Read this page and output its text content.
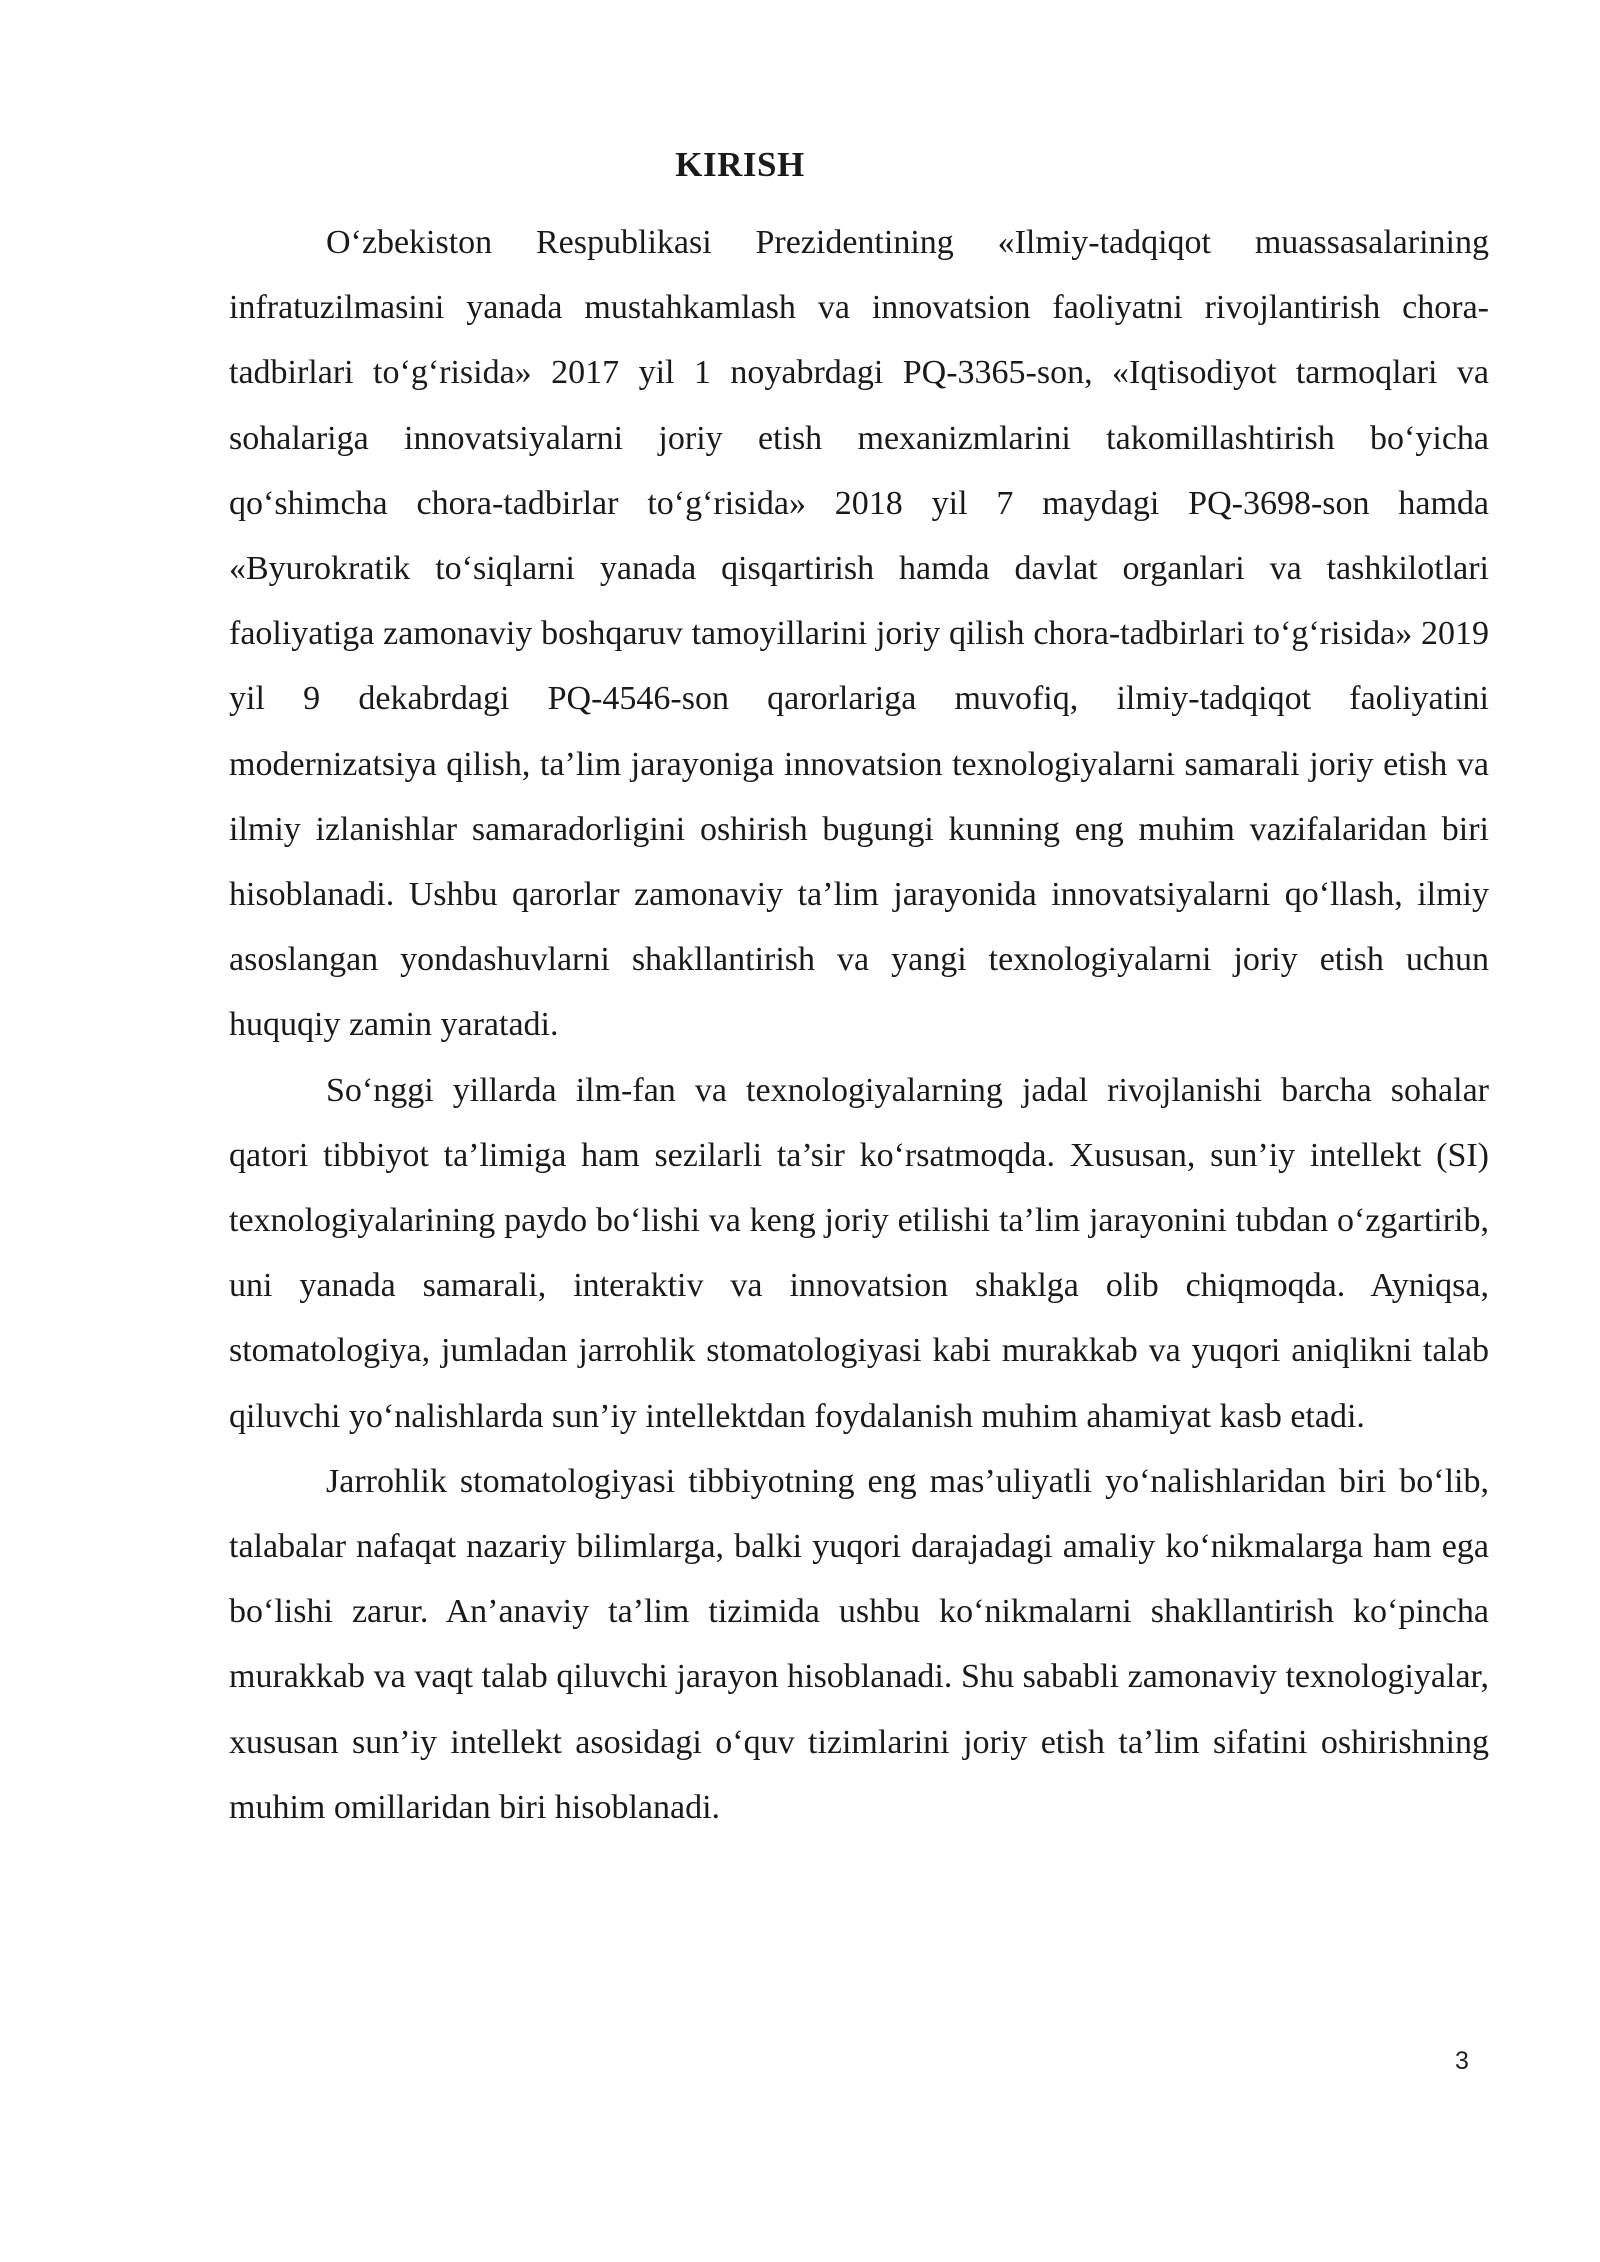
KIRISH

O‘zbekiston Respublikasi Prezidentining «Ilmiy-tadqiqot muassasalarining infratuzilmasini yanada mustahkamlash va innovatsion faoliyatni rivojlantirish chora-tadbirlari to‘g‘risida» 2017 yil 1 noyabrdagi PQ-3365-son, «Iqtisodiyot tarmoqlari va sohalariga innovatsiyalarni joriy etish mexanizmlarini takomillashtirish bo‘yicha qo‘shimcha chora-tadbirlar to‘g‘risida» 2018 yil 7 maydagi PQ-3698-son hamda «Byurokratik to‘siqlarni yanada qisqartirish hamda davlat organlari va tashkilotlari faoliyatiga zamonaviy boshqaruv tamoyillarini joriy qilish chora-tadbirlari to‘g‘risida» 2019 yil 9 dekabrdagi PQ-4546-son qarorlariga muvofiq, ilmiy-tadqiqot faoliyatini modernizatsiya qilish, ta’lim jarayoniga innovatsion texnologiyalarni samarali joriy etish va ilmiy izlanishlar samaradorligini oshirish bugungi kunning eng muhim vazifalaridan biri hisoblanadi. Ushbu qarorlar zamonaviy ta’lim jarayonida innovatsiyalarni qo‘llash, ilmiy asoslangan yondashuvlarni shakllantirish va yangi texnologiyalarni joriy etish uchun huquqiy zamin yaratadi.

So‘nggi yillarda ilm-fan va texnologiyalarning jadal rivojlanishi barcha sohalar qatori tibbiyot ta’limiga ham sezilarli ta’sir ko‘rsatmoqda. Xususan, sun’iy intellekt (SI) texnologiyalarining paydo bo‘lishi va keng joriy etilishi ta’lim jarayonini tubdan o‘zgartirib, uni yanada samarali, interaktiv va innovatsion shaklga olib chiqmoqda. Ayniqsa, stomatologiya, jumladan jarrohlik stomatologiyasi kabi murakkab va yuqori aniqlikni talab qiluvchi yo‘nalishlarda sun’iy intellektdan foydalanish muhim ahamiyat kasb etadi.

Jarrohlik stomatologiyasi tibbiyotning eng mas’uliyatli yo‘nalishlaridan biri bo‘lib, talabalar nafaqat nazariy bilimlarga, balki yuqori darajadagi amaliy ko‘nikmalarga ham ega bo‘lishi zarur. An’anaviy ta’lim tizimida ushbu ko‘nikmalarni shakllantirish ko‘pincha murakkab va vaqt talab qiluvchi jarayon hisoblanadi. Shu sababli zamonaviy texnologiyalar, xususan sun’iy intellekt asosidagi o‘quv tizimlarini joriy etish ta’lim sifatini oshirishning muhim omillaridan biri hisoblanadi.

3
